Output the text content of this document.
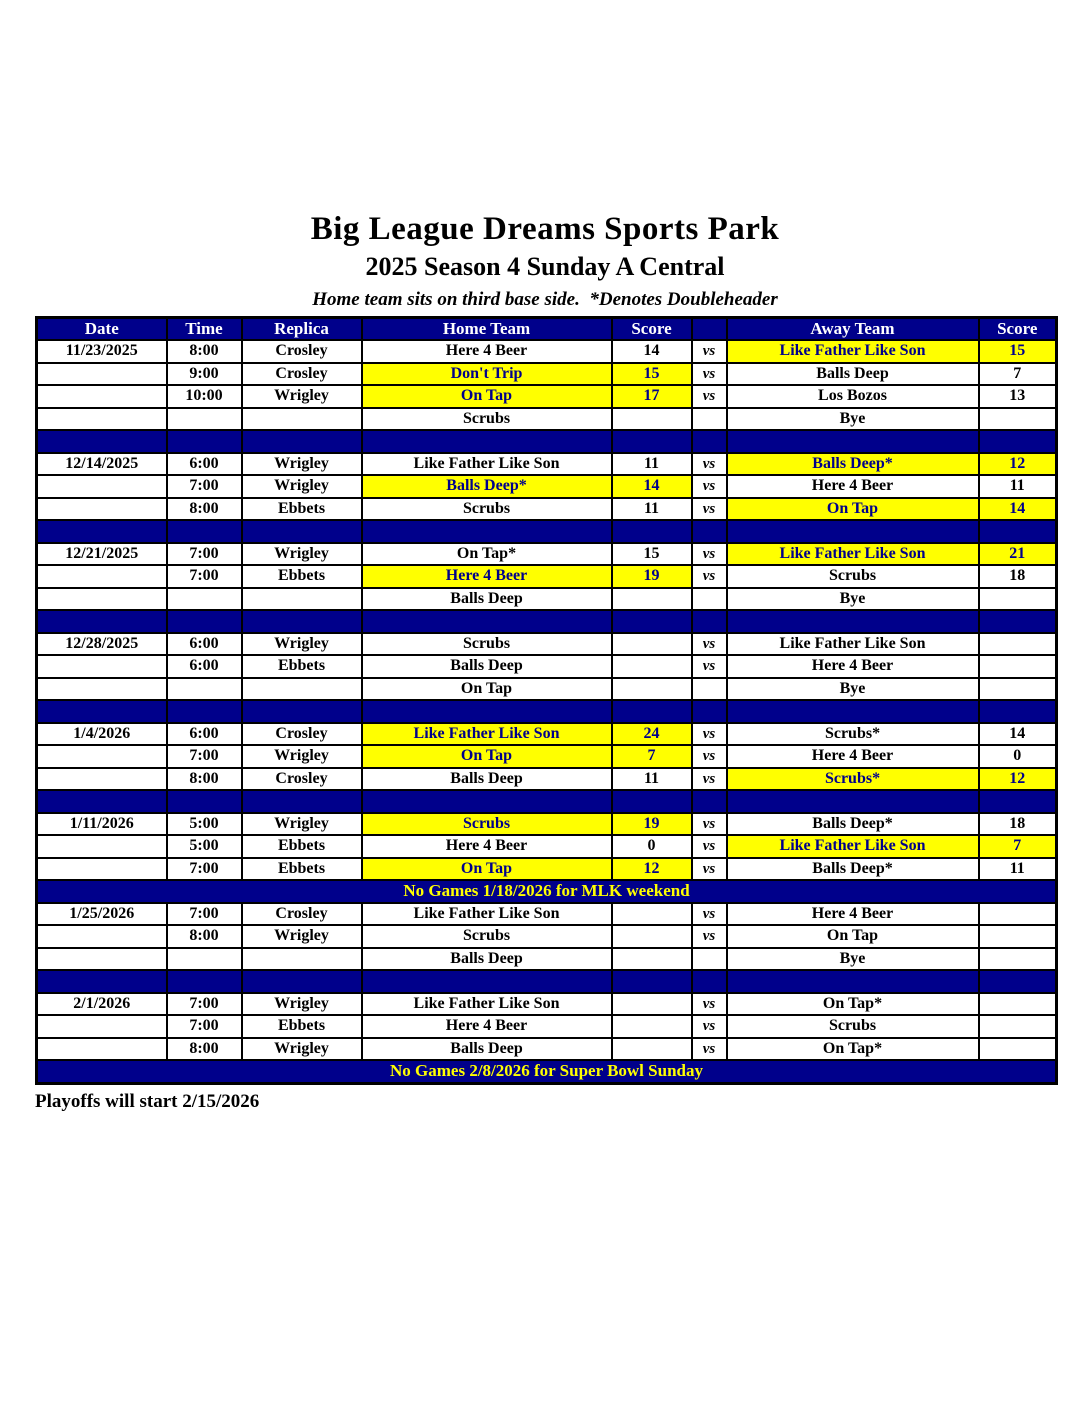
Big League Dreams Sports Park
2025 Season 4 Sunday A Central
Home team sits on third base side.  *Denotes Doubleheader
Date	Time	Replica	Home Team	Score		Away Team	Score
11/23/2025	8:00	Crosley	Here 4 Beer	14	vs	Like Father Like Son	15
	9:00	Crosley	Don't Trip	15	vs	Balls Deep	7
	10:00	Wrigley	On Tap	17	vs	Los Bozos	13
			Scrubs			Bye	

12/14/2025	6:00	Wrigley	Like Father Like Son	11	vs	Balls Deep*	12
	7:00	Wrigley	Balls Deep*	14	vs	Here 4 Beer	11
	8:00	Ebbets	Scrubs	11	vs	On Tap	14

12/21/2025	7:00	Wrigley	On Tap*	15	vs	Like Father Like Son	21
	7:00	Ebbets	Here 4 Beer	19	vs	Scrubs	18
			Balls Deep			Bye	

12/28/2025	6:00	Wrigley	Scrubs		vs	Like Father Like Son	
	6:00	Ebbets	Balls Deep		vs	Here 4 Beer	
			On Tap			Bye	

1/4/2026	6:00	Crosley	Like Father Like Son	24	vs	Scrubs*	14
	7:00	Wrigley	On Tap	7	vs	Here 4 Beer	0
	8:00	Crosley	Balls Deep	11	vs	Scrubs*	12

1/11/2026	5:00	Wrigley	Scrubs	19	vs	Balls Deep*	18
	5:00	Ebbets	Here 4 Beer	0	vs	Like Father Like Son	7
	7:00	Ebbets	On Tap	12	vs	Balls Deep*	11
No Games 1/18/2026 for MLK weekend							
1/25/2026	7:00	Crosley	Like Father Like Son		vs	Here 4 Beer	
	8:00	Wrigley	Scrubs		vs	On Tap	
			Balls Deep			Bye	

2/1/2026	7:00	Wrigley	Like Father Like Son		vs	On Tap*	
	7:00	Ebbets	Here 4 Beer		vs	Scrubs	
	8:00	Wrigley	Balls Deep		vs	On Tap*	
No Games 2/8/2026 for Super Bowl Sunday							
Playoffs will start 2/15/2026
